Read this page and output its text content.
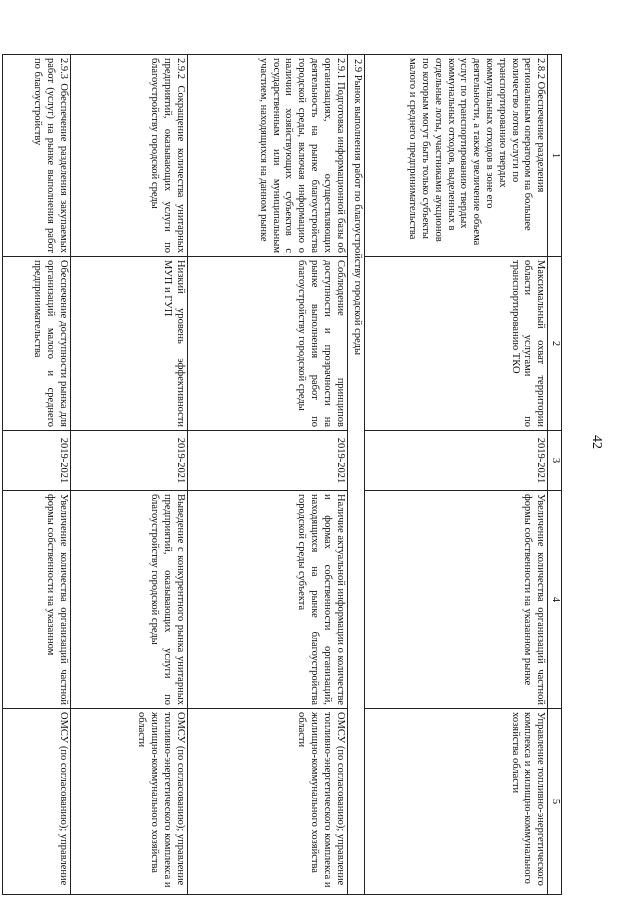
42
1	2	3	4	5
2.8.2 Обеспечение разделения региональным оператором на большее количество лотов услуги по транспортированию твердых коммунальных отходов в зоне его деятельности, а также увеличение объема услуг по транспортированию твердых коммунальных отходов, выделенных в отдельные лоты, участниками аукционов по которым могут быть только субъекты малого и среднего предпринимательства	Максимальный охват территории области услугами по транспортированию ТКО	2019-2021	Увеличение количества организаций частной формы собственности на указанном рынке	Управление топливно-энергетического комплекса и жилищно-коммунального хозяйства области
2.9 Рынок выполнения работ по благоустройству городской среды				
2.9.1 Подготовка информационной базы об организациях, осуществляющих деятельность на рынке благоустройства городской среды, включая информацию о наличии хозяйствующих субъектов с государственным или муниципальным участием, находящихся на данном рынке	Соблюдение принципов доступности и прозрачности на рынке выполнения работ по благоустройству городской среды	2019-2021	Наличие актуальной информации о количестве и формах собственности организаций, находящихся на рынке благоустройства городской среды субъекта	ОМСУ (по согласованию); управление топливно-энергетического комплекса и жилищно-коммунального хозяйства области
2.9.2 Сокращение количества унитарных предприятий, оказывающих услуги по благоустройству городской среды	Низкий уровень эффективности МУП и ГУП	2019-2021	Выведение с конкурентного рынка унитарных предприятий, оказывающих услуги по благоустройству городской среды	ОМСУ (по согласованию); управление топливно-энергетического комплекса и жилищно-коммунального хозяйства области
2.9.3 Обеспечение разделения закупаемых работ (услуг) на рынке выполнения работ по благоустройству	Обеспечение доступности рынка для организаций малого и среднего предпринимательства	2019-2021	Увеличение количества организаций частной формы собственности на указанном	ОМСУ (по согласованию); управление
